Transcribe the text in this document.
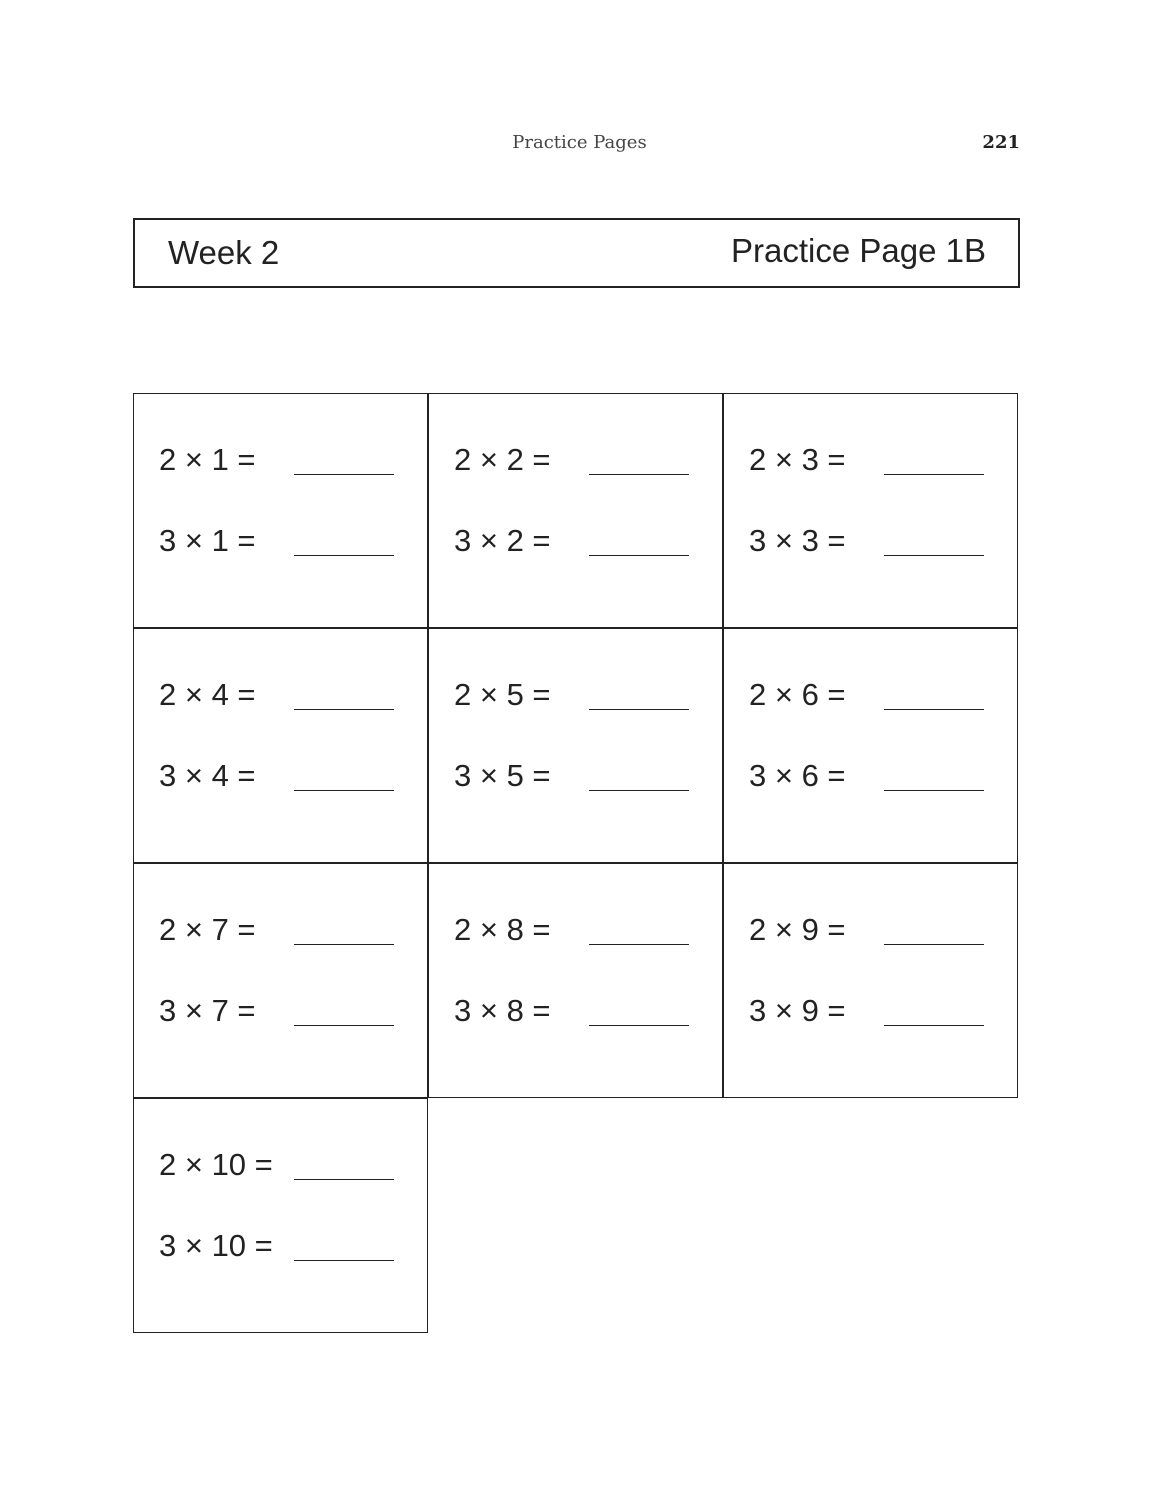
Practice Pages	221
Week 2	Practice Page 1B
2 × 1 =
3 × 1 =
2 × 2 =
3 × 2 =
2 × 3 =
3 × 3 =
2 × 4 =
3 × 4 =
2 × 5 =
3 × 5 =
2 × 6 =
3 × 6 =
2 × 7 =
3 × 7 =
2 × 8 =
3 × 8 =
2 × 9 =
3 × 9 =
2 × 10 =
3 × 10 =
